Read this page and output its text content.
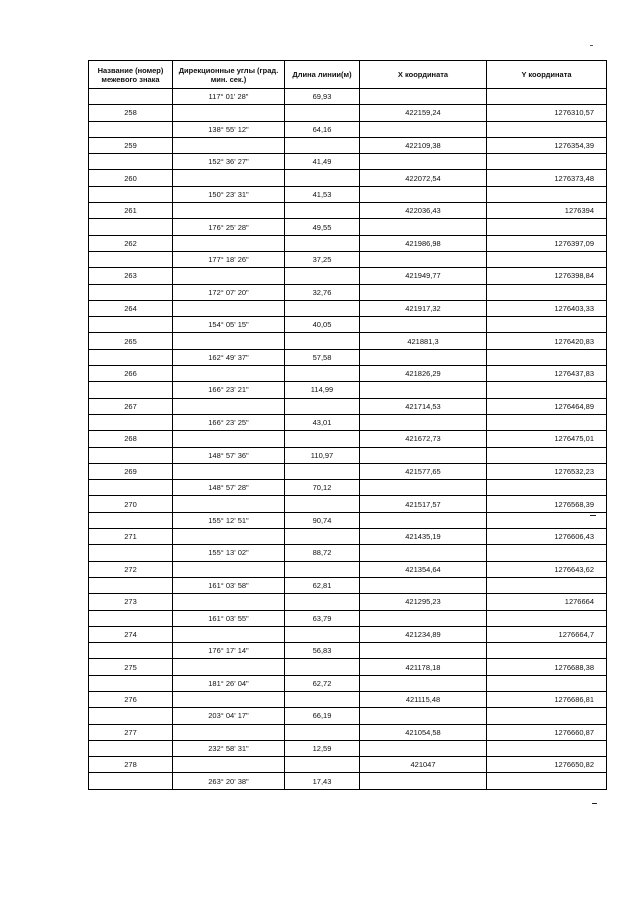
Название (номер) межевого знака	Дирекционные углы (град. мин. сек.)	Длина линии(м)	X координата	Y координата
	117° 01' 28"	69,93		
258			422159,24	1276310,57
	138° 55' 12"	64,16		
259			422109,38	1276354,39
	152° 36' 27"	41,49		
260			422072,54	1276373,48
	150° 23' 31"	41,53		
261			422036,43	1276394
	176° 25' 28"	49,55		
262			421986,98	1276397,09
	177° 18' 26"	37,25		
263			421949,77	1276398,84
	172° 07' 20"	32,76		
264			421917,32	1276403,33
	154° 05' 15"	40,05		
265			421881,3	1276420,83
	162° 49' 37"	57,58		
266			421826,29	1276437,83
	166° 23' 21"	114,99		
267			421714,53	1276464,89
	166° 23' 25"	43,01		
268			421672,73	1276475,01
	148° 57' 36"	110,97		
269			421577,65	1276532,23
	148° 57' 28"	70,12		
270			421517,57	1276568,39
	155° 12' 51"	90,74		
271			421435,19	1276606,43
	155° 13' 02"	88,72		
272			421354,64	1276643,62
	161° 03' 58"	62,81		
273			421295,23	1276664
	161° 03' 55"	63,79		
274			421234,89	1276664,7
	176° 17' 14"	56,83		
275			421178,18	1276688,38
	181° 26' 04"	62,72		
276			421115,48	1276686,81
	203° 04' 17"	66,19		
277			421054,58	1276660,87
	232° 58' 31"	12,59		
278			421047	1276650,82
	263° 20' 38"	17,43		
